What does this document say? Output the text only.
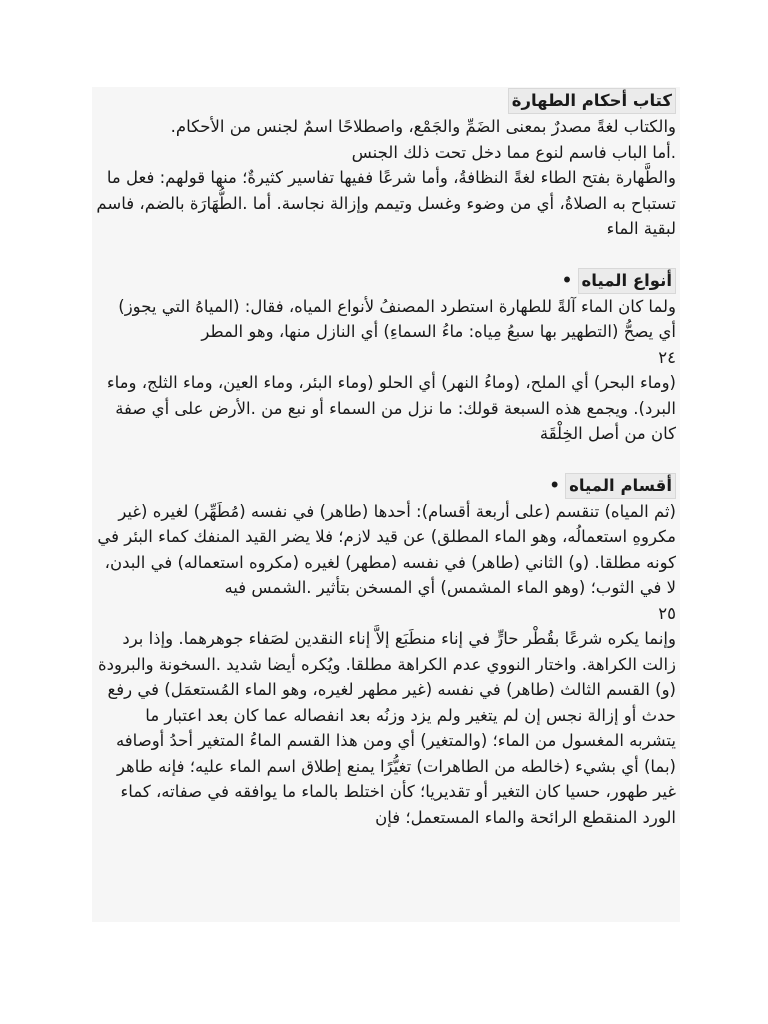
كتاب أحكام الطهارة

والكتاب لغةً مصدرٌ بمعنى الضَمِّ والجَمْع، واصطلاحًا اسمٌ لجنس من الأحكام.

.أما الباب فاسم لنوع مما دخل تحت ذلك الجنس

والطَّهارة بفتح الطاء لغةً النظافةُ، وأما شرعًا ففيها تفاسير كثيرةٌ؛ منها قولهم: فعل ما تستباح به الصلاةُ، أي من وضوء وغسل وتيمم وإزالة نجاسة. أما .الطُّهَارَة بالضم، فاسم لبقية الماء

أنواع المياه •

ولما كان الماء آلةً للطهارة استطرد المصنفُ لأنواع المياه، فقال: (المياهُ التي يجوز) أي يصحُّ (التطهير بها سبعُ مِياه: ماءُ السماءِ) أي النازل منها، وهو المطر

٢٤

(وماء البحر) أي الملح، (وماءُ النهر) أي الحلو (وماء البئر، وماء العين، وماء الثلج، وماء البرد). ويجمع هذه السبعة قولك: ما نزل من السماء أو نبع من .الأرض على أي صفة كان من أصل الخِلْقَة

أقسام المياه •

(ثم المياه) تنقسم (على أربعة أقسام): أحدها (طاهر) في نفسه (مُطَهِّر) لغيره (غير مكروهِ استعمالُه، وهو الماء المطلق) عن قيد لازم؛ فلا يضر القيد المنفك كماء البئر في كونه مطلقا. (و) الثاني (طاهر) في نفسه (مطهر) لغيره (مكروه استعماله) في البدن، لا في الثوب؛ (وهو الماء المشمس) أي المسخن بتأثير .الشمس فيه

٢٥

وإنما يكره شرعًا بقُطْر حارٍّ في إناء منطَبَع إلاَّ إناء النقدين لصَفاء جوهرهما. وإذا برد زالت الكراهة. واختار النووي عدم الكراهة مطلقا. ويُكره أيضا شديد .السخونة والبرودة

(و) القسم الثالث (طاهر) في نفسه (غير مطهر لغيره، وهو الماء المُستعمَل) في رفع حدث أو إزالة نجس إن لم يتغير ولم يزد وزنُه بعد انفصاله عما كان بعد اعتبار ما يتشربه المغسول من الماء؛ (والمتغير) أي ومن هذا القسم الماءُ المتغير أحدُ أوصافه (بما) أي بشيء (خالطه من الطاهرات) تغيُّرًا يمنع إطلاق اسم الماء عليه؛ فإنه طاهر غير طهور، حسيا كان التغير أو تقديريا؛ كأن اختلط بالماء ما يوافقه في صفاته، كماء الورد المنقطع الرائحة والماء المستعمل؛ فإن
